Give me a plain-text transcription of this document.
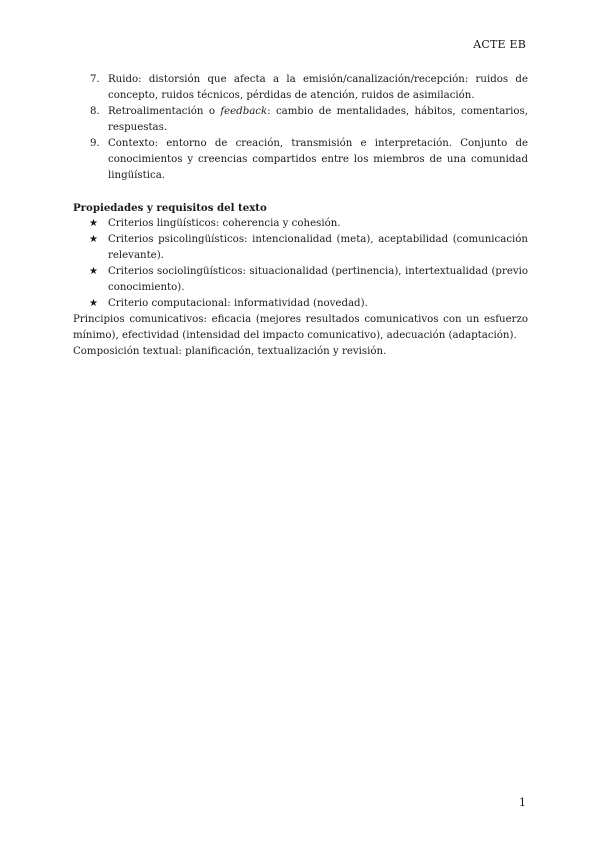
ACTE EB
7. Ruido: distorsión que afecta a la emisión/canalización/recepción: ruidos de concepto, ruidos técnicos, pérdidas de atención, ruidos de asimilación.
8. Retroalimentación o feedback: cambio de mentalidades, hábitos, comentarios, respuestas.
9. Contexto: entorno de creación, transmisión e interpretación. Conjunto de conocimientos y creencias compartidos entre los miembros de una comunidad lingüística.
Propiedades y requisitos del texto
★ Criterios lingüísticos: coherencia y cohesión.
★ Criterios psicolingüísticos: intencionalidad (meta), aceptabilidad (comunicación relevante).
★ Criterios sociolingüísticos: situacionalidad (pertinencia), intertextualidad (previo conocimiento).
★ Criterio computacional: informatividad (novedad).

Principios comunicativos: eficacia (mejores resultados comunicativos con un esfuerzo mínimo), efectividad (intensidad del impacto comunicativo), adecuación (adaptación).

Composición textual: planificación, textualización y revisión.

1
